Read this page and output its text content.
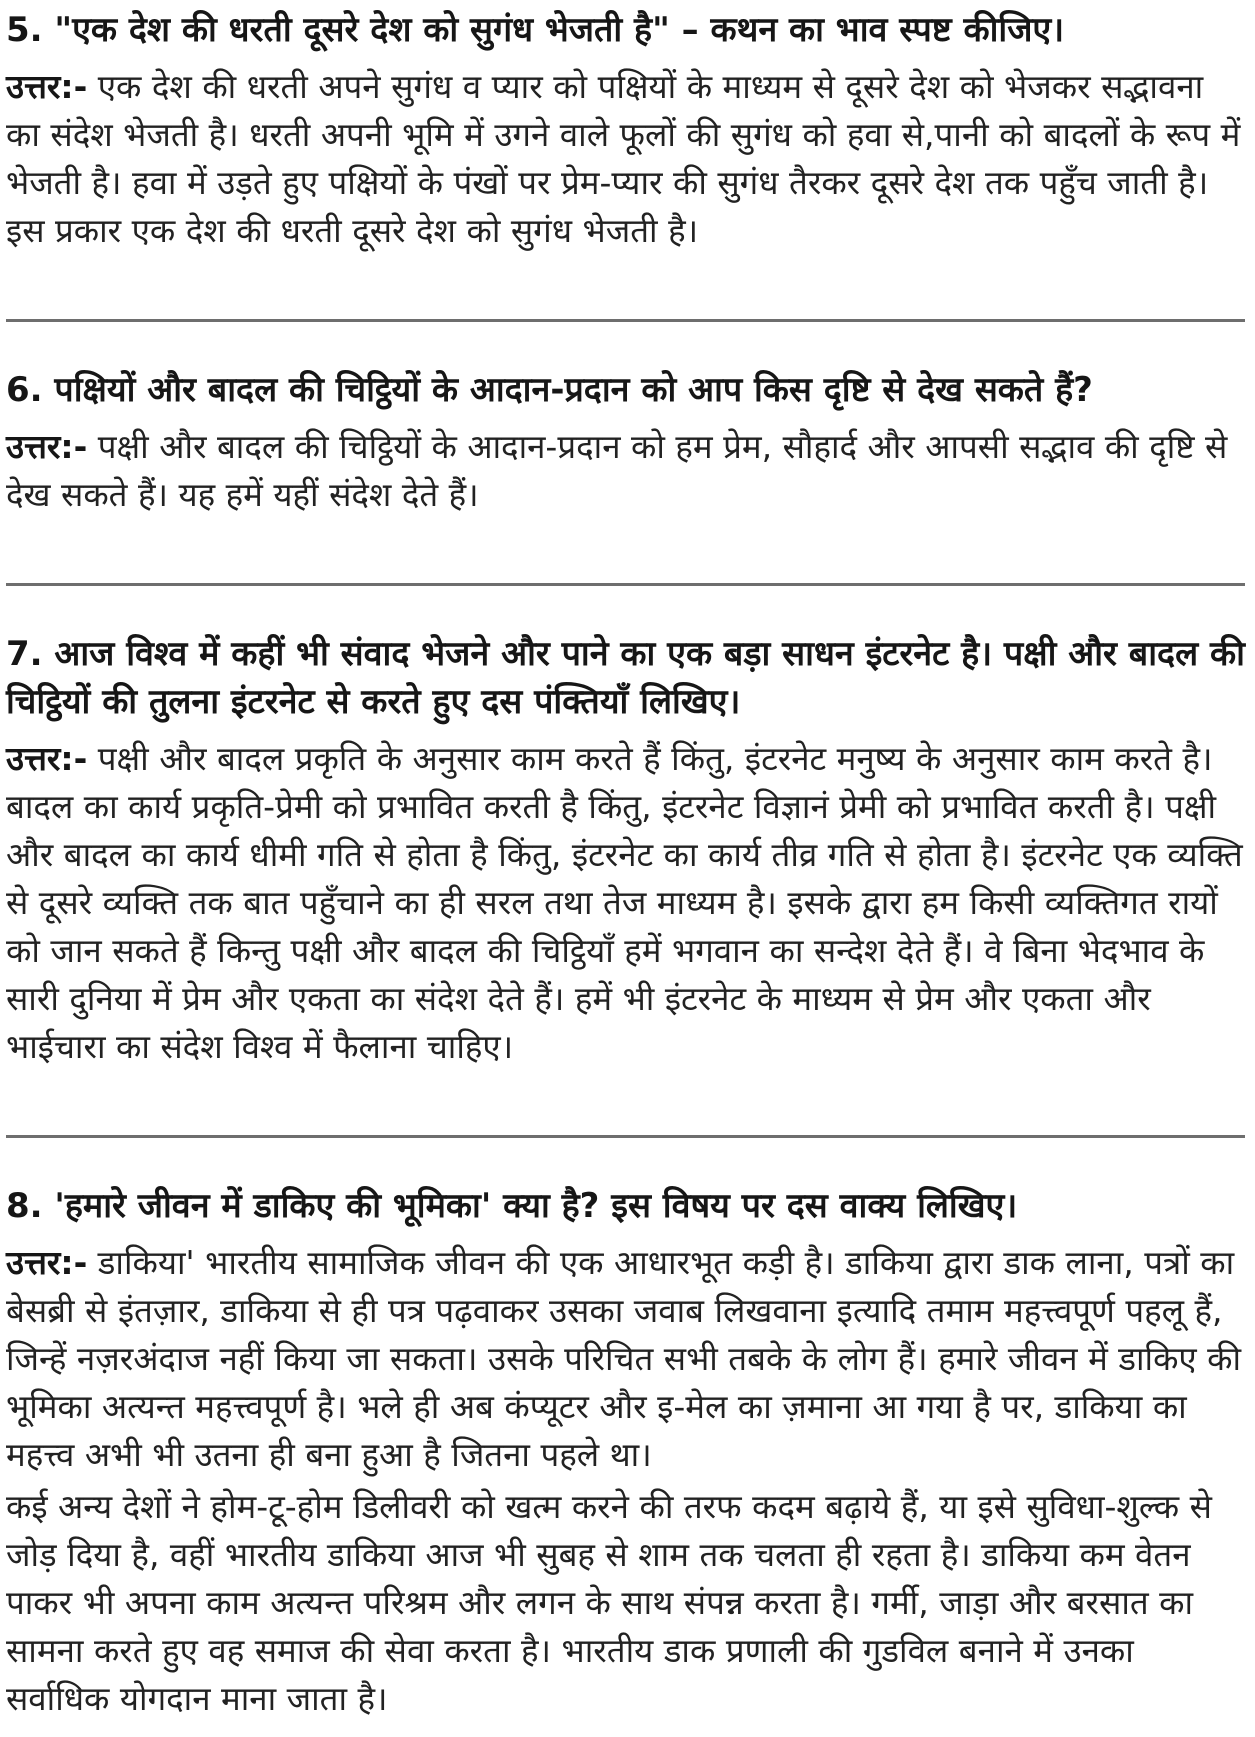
5. "एक देश की धरती दूसरे देश को सुगंध भेजती है" – कथन का भाव स्पष्ट कीजिए।

उत्तर:- एक देश की धरती अपने सुगंध व प्यार को पक्षियों के माध्यम से दूसरे देश को भेजकर सद्भावना का संदेश भेजती है। धरती अपनी भूमि में उगने वाले फूलों की सुगंध को हवा से,पानी को बादलों के रूप में भेजती है। हवा में उड़ते हुए पक्षियों के पंखों पर प्रेम-प्यार की सुगंध तैरकर दूसरे देश तक पहुँच जाती है। इस प्रकार एक देश की धरती दूसरे देश को सुगंध भेजती है।

6. पक्षियों और बादल की चिट्ठियों के आदान-प्रदान को आप किस दृष्टि से देख सकते हैं?

उत्तर:- पक्षी और बादल की चिट्ठियों के आदान-प्रदान को हम प्रेम, सौहार्द और आपसी सद्भाव की दृष्टि से देख सकते हैं। यह हमें यहीं संदेश देते हैं।

7. आज विश्व में कहीं भी संवाद भेजने और पाने का एक बड़ा साधन इंटरनेट है। पक्षी और बादल की चिट्ठियों की तुलना इंटरनेट से करते हुए दस पंक्तियाँ लिखिए।

उत्तर:- पक्षी और बादल प्रकृति के अनुसार काम करते हैं किंतु, इंटरनेट मनुष्य के अनुसार काम करते है। बादल का कार्य प्रकृति-प्रेमी को प्रभावित करती है किंतु, इंटरनेट विज्ञानं प्रेमी को प्रभावित करती है। पक्षी और बादल का कार्य धीमी गति से होता है किंतु, इंटरनेट का कार्य तीव्र गति से होता है। इंटरनेट एक व्यक्ति से दूसरे व्यक्ति तक बात पहुँचाने का ही सरल तथा तेज माध्यम है। इसके द्वारा हम किसी व्यक्तिगत रायों को जान सकते हैं किन्तु पक्षी और बादल की चिट्ठियाँ हमें भगवान का सन्देश देते हैं। वे बिना भेदभाव के सारी दुनिया में प्रेम और एकता का संदेश देते हैं। हमें भी इंटरनेट के माध्यम से प्रेम और एकता और भाईचारा का संदेश विश्व में फैलाना चाहिए।

8. 'हमारे जीवन में डाकिए की भूमिका' क्या है? इस विषय पर दस वाक्य लिखिए।

उत्तर:- डाकिया' भारतीय सामाजिक जीवन की एक आधारभूत कड़ी है। डाकिया द्वारा डाक लाना, पत्रों का बेसब्री से इंतज़ार, डाकिया से ही पत्र पढ़वाकर उसका जवाब लिखवाना इत्यादि तमाम महत्त्वपूर्ण पहलू हैं, जिन्हें नज़रअंदाज नहीं किया जा सकता। उसके परिचित सभी तबके के लोग हैं। हमारे जीवन में डाकिए की भूमिका अत्यन्त महत्त्वपूर्ण है। भले ही अब कंप्यूटर और इ-मेल का ज़माना आ गया है पर, डाकिया का महत्त्व अभी भी उतना ही बना हुआ है जितना पहले था।

कई अन्य देशों ने होम-टू-होम डिलीवरी को खत्म करने की तरफ कदम बढ़ाये हैं, या इसे सुविधा-शुल्क से जोड़ दिया है, वहीं भारतीय डाकिया आज भी सुबह से शाम तक चलता ही रहता है। डाकिया कम वेतन पाकर भी अपना काम अत्यन्त परिश्रम और लगन के साथ संपन्न करता है। गर्मी, जाड़ा और बरसात का सामना करते हुए वह समाज की सेवा करता है। भारतीय डाक प्रणाली की गुडविल बनाने में उनका सर्वाधिक योगदान माना जाता है।
